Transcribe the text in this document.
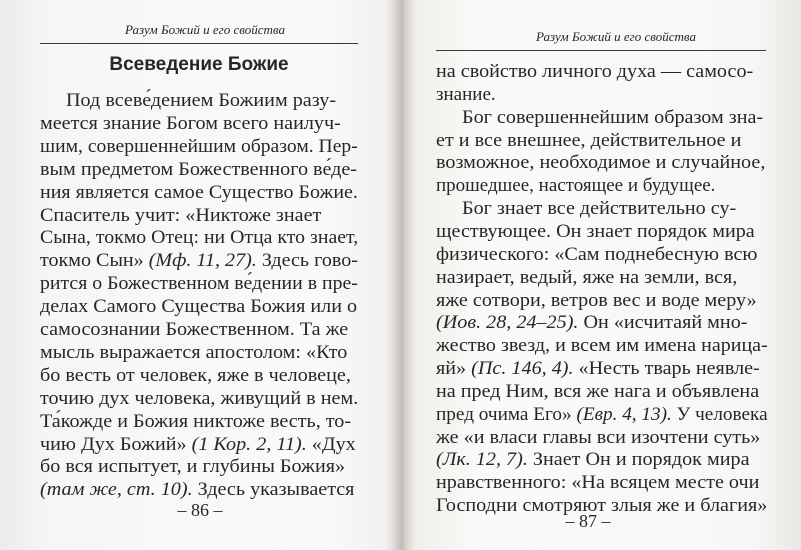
Разум Божий и его свойства
Всеведение Божие
Под всеве́дением Божиим разу-
меется знание Богом всего наилуч-
шим, совершеннейшим образом. Пер-
вым предметом Божественного ве́де-
ния является самое Существо Божие.
Спаситель учит: «Никтоже знает
Сына, токмо Отец: ни Отца кто знает,
токмо Сын» (Мф. 11, 27). Здесь гово-
рится о Божественном ве́дении в пре-
делах Самого Существа Божия или о
самосознании Божественном. Та же
мысль выражается апостолом: «Кто
бо весть от человек, яже в человеце,
точию дух человека, живущий в нем.
Та́кожде и Божия никтоже весть, то-
чию Дух Божий» (1 Кор. 2, 11). «Дух
бо вся испытует, и глубины Божия»
(там же, ст. 10). Здесь указывается
– 86 –
Разум Божий и его свойства
на свойство личного духа — самосо-
знание.
Бог совершеннейшим образом зна-
ет и все внешнее, действительное и
возможное, необходимое и случайное,
прошедшее, настоящее и будущее.
Бог знает все действительно су-
ществующее. Он знает порядок мира
физического: «Сам поднебесную всю
назирает, ведый, яже на земли, вся,
яже сотвори, ветров вес и воде меру»
(Иов. 28, 24–25). Он «исчитаяй мно-
жество звезд, и всем им имена нарица-
яй» (Пс. 146, 4). «Несть тварь неявле-
на пред Ним, вся же нага и объявлена
пред очима Его» (Евр. 4, 13). У человека
же «и власи главы вси изочтени суть»
(Лк. 12, 7). Знает Он и порядок мира
нравственного: «На всяцем месте очи
Господни смотряют злыя же и благия»
– 87 –
